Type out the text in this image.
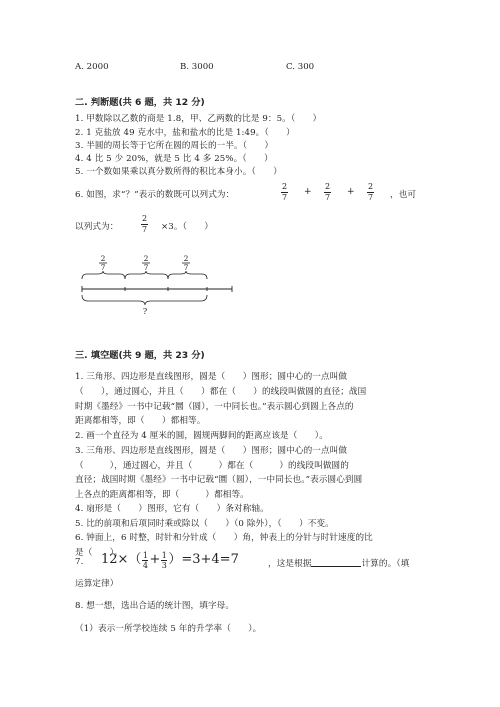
A. 2000	B. 3000	C. 300
二. 判断题(共 6 题，共 12 分)
1. 甲数除以乙数的商是 1.8，甲、乙两数的比是 9：5。（　　）
2. 1 克盐放 49 克水中，盐和盐水的比是 1:49。（　　）
3. 半圆的周长等于它所在圆的周长的一半。（　　）
4. 4 比 5 少 20%，就是 5 比 4 多 25%。（　　）
5. 一个数如果乘以真分数所得的积比本身小。（　　）
6. 如图，求“？”表示的数既可以列式为：
2
7
+
2
7
+
2
7 ，也可
以列式为：
2
7 ×3。（　　）
2
7
2
7
2
7
?
三. 填空题(共 9 题，共 23 分)
1. 三角形、四边形是直线图形，圆是（　　）图形；圆中心的一点叫做
（　　），通过圆心，并且（　　）都在（　　）的线段叫做圆的直径；战国
时期《墨经》一书中记载“圜（圆），一中同长也。”表示圆心到圆上各点的
距离都相等，即（　　）都相等。
2. 画一个直径为 4 厘米的圆，圆规两脚间的距离应该是（　　）。
3. 三角形、四边形是直线图形，圆是（　　）图形；圆中心的一点叫做
（　　　），通过圆心，并且（　　　）都在（　　　）的线段叫做圆的
直径；战国时期《墨经》一书中记载“圜（圆），一中同长也。”表示圆心到圆
上各点的距离都相等，即（　　　）都相等。
4. 扇形是（　　）图形，它有（　　）条对称轴。
5. 比的前项和后项同时乘或除以（　　）（0 除外），（　　）不变。
6. 钟面上，6 时整，时针和分针成（　　）角，钟表上的分针与时针速度的比
是（　　）。
7. $12\times( \frac{1}{4} + \frac{1}{3} )=3+4=7$	，这是根据	计算的。（填
运算定律）
8. 想一想，选出合适的统计图，填字母。
（1）表示一所学校连续 5 年的升学率（　　）。
